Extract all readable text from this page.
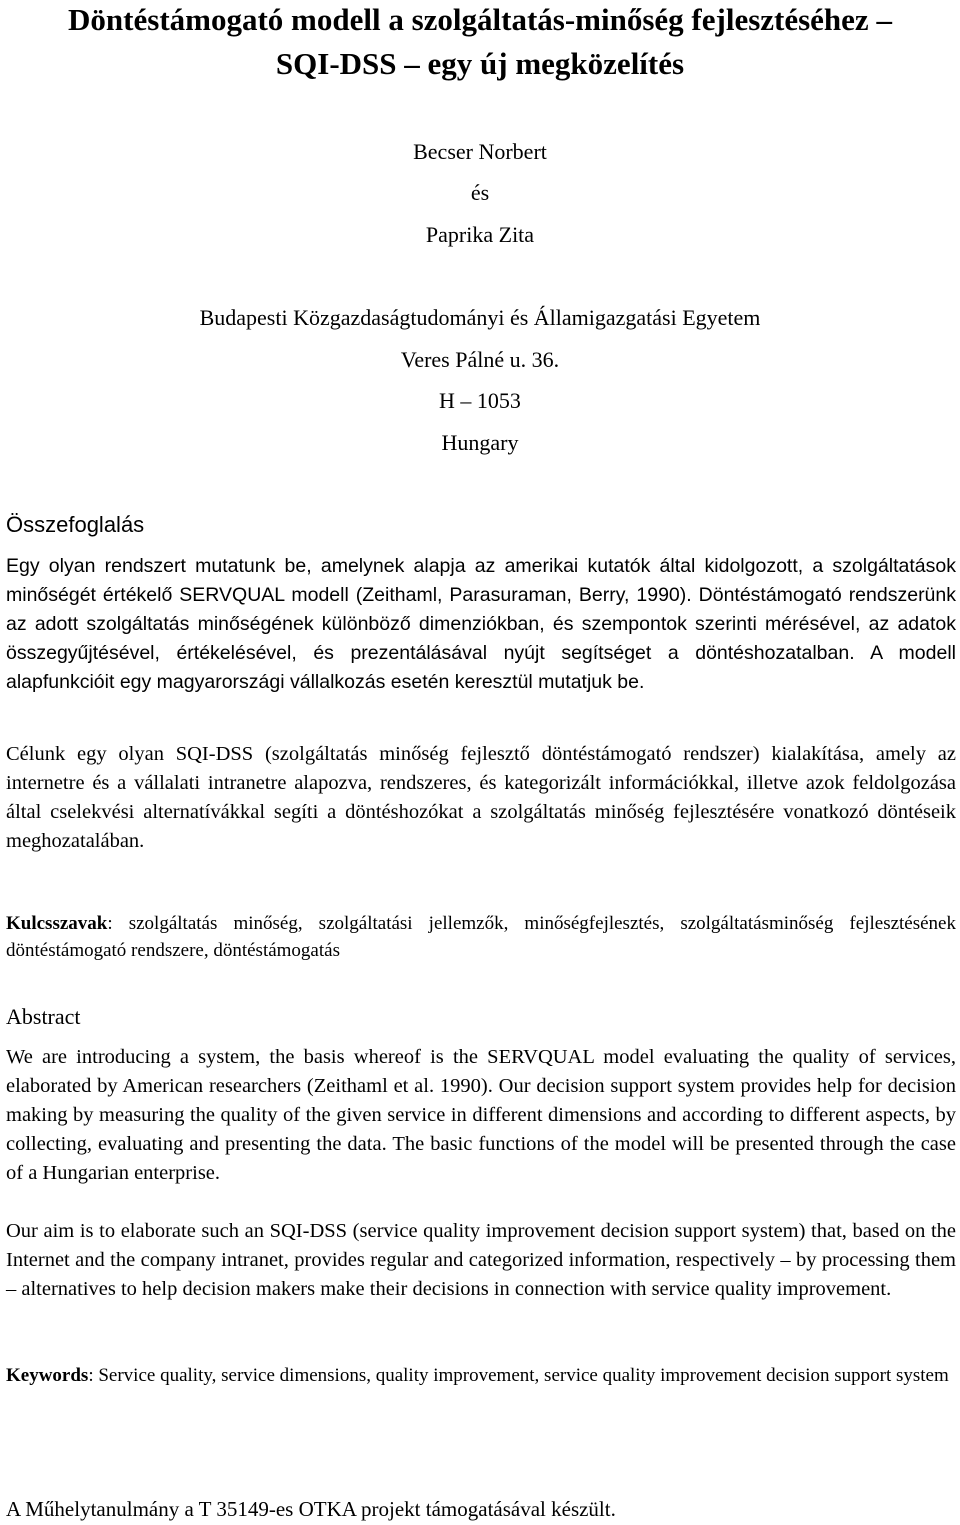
Döntéstámogató modell a szolgáltatás-minőség fejlesztéséhez –
SQI-DSS – egy új megközelítés
Becser Norbert
és
Paprika Zita
Budapesti Közgazdaságtudományi és Államigazgatási Egyetem
Veres Pálné u. 36.
H – 1053
Hungary
Összefoglalás

Egy olyan rendszert mutatunk be, amelynek alapja az amerikai kutatók által kidolgozott, a szolgáltatások minőségét értékelő SERVQUAL modell (Zeithaml, Parasuraman, Berry, 1990). Döntéstámogató rendszerünk az adott szolgáltatás minőségének különböző dimenziókban, és szempontok szerinti mérésével, az adatok összegyűjtésével, értékelésével, és prezentálásával nyújt segítséget a döntéshozatalban. A modell alapfunkcióit egy magyarországi vállalkozás esetén keresztül mutatjuk be.

Célunk egy olyan SQI-DSS (szolgáltatás minőség fejlesztő döntéstámogató rendszer) kialakítása, amely az internetre és a vállalati intranetre alapozva, rendszeres, és kategorizált információkkal, illetve azok feldolgozása által cselekvési alternatívákkal segíti a döntéshozókat a szolgáltatás minőség fejlesztésére vonatkozó döntéseik meghozatalában.

Kulcsszavak: szolgáltatás minőség, szolgáltatási jellemzők, minőségfejlesztés, szolgáltatásminőség fejlesztésének döntéstámogató rendszere, döntéstámogatás

Abstract

We are introducing a system, the basis whereof is the SERVQUAL model evaluating the quality of services, elaborated by American researchers (Zeithaml et al. 1990). Our decision support system provides help for decision making by measuring the quality of the given service in different dimensions and according to different aspects, by collecting, evaluating and presenting the data. The basic functions of the model will be presented through the case of a Hungarian enterprise.

Our aim is to elaborate such an SQI-DSS (service quality improvement decision support system) that, based on the Internet and the company intranet, provides regular and categorized information, respectively – by processing them – alternatives to help decision makers make their decisions in connection with service quality improvement.

Keywords: Service quality, service dimensions, quality improvement, service quality improvement decision support system

A Műhelytanulmány a T 35149-es OTKA projekt támogatásával készült.
